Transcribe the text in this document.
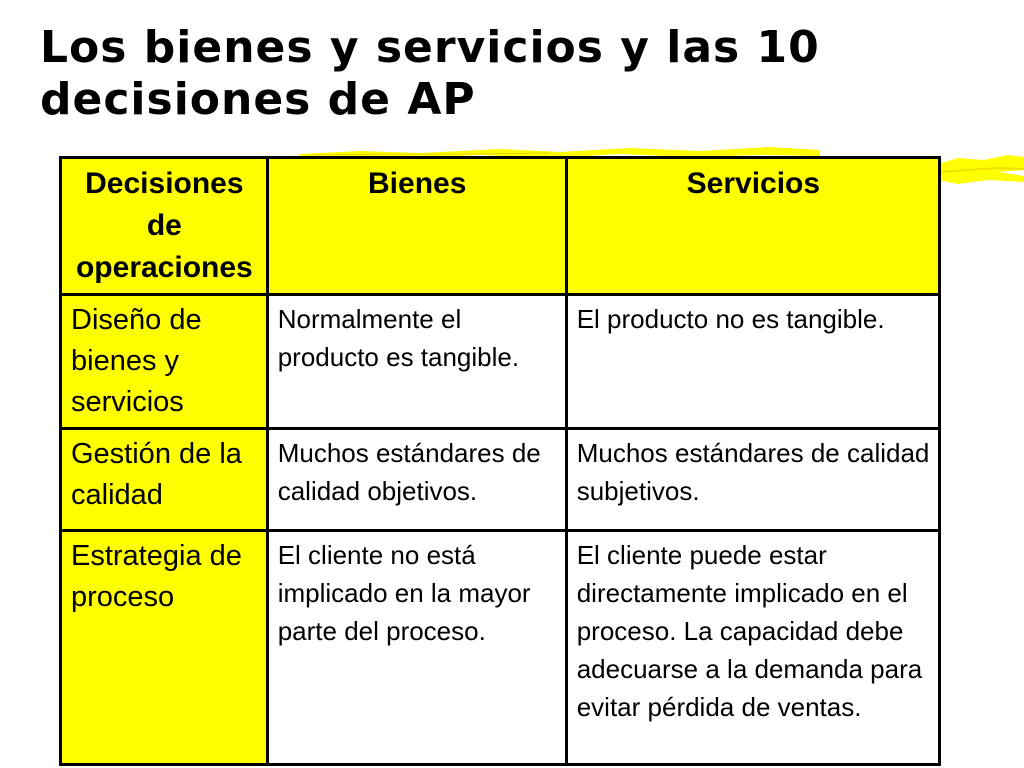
Los bienes y servicios y las 10
decisiones de AP
Decisiones de operaciones	Bienes	Servicios
Diseño de bienes y servicios	Normalmente el producto es tangible.	El producto no es tangible.
Gestión de la calidad	Muchos estándares de calidad objetivos.	Muchos estándares de calidad subjetivos.
Estrategia de proceso	El cliente no está implicado en la mayor parte del proceso.	El cliente puede estar directamente implicado en el proceso. La capacidad debe adecuarse a la demanda para evitar pérdida de ventas.
